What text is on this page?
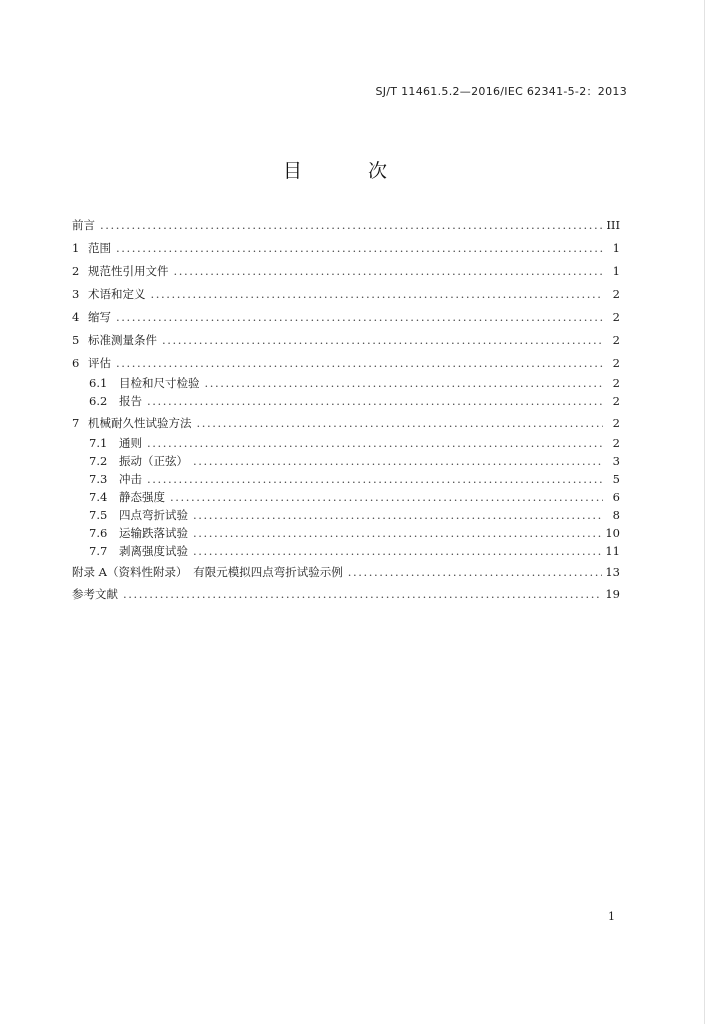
SJ/T 11461.5.2—2016/IEC 62341-5-2：2013
目 次
前言 .....	III
1 范围 .....	1
2 规范性引用文件 .....	1
3 术语和定义 .....	2
4 缩写 .....	2
5 标准测量条件 .....	2
6 评估 .....	2
6.1	目检和尺寸检验 .....	2
6.2	报告 .....	2
7 机械耐久性试验方法 .....	2
7.1	通则 .....	2
7.2	振动（正弦） .....	3
7.3	冲击 .....	5
7.4	静态强度 .....	6
7.5	四点弯折试验 .....	8
7.6	运输跌落试验 .....	10
7.7	剥离强度试验 .....	11
附录 A（资料性附录）　有限元模拟四点弯折试验示例 .....	13
参考文献 .....	19
1
